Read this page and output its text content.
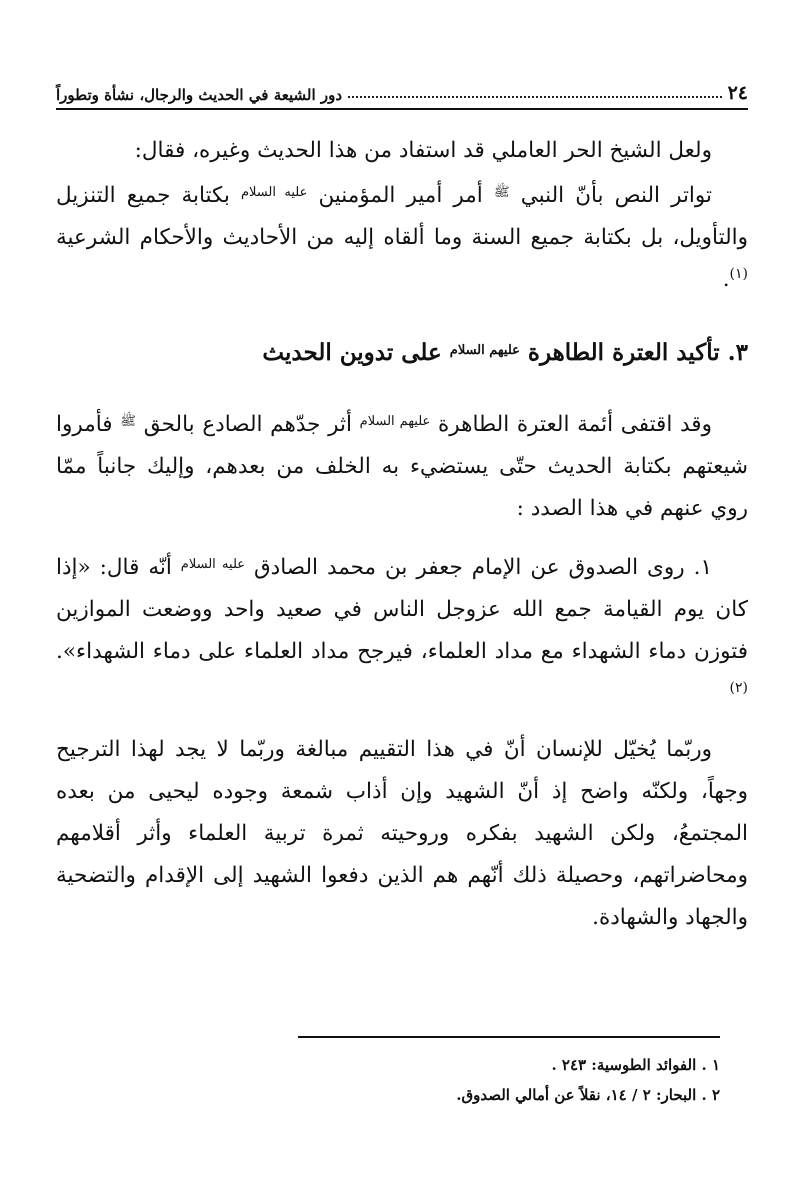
دور الشيعة في الحديث والرجال، نشأة وتطوراً	٢٤

ولعل الشيخ الحر العاملي قد استفاد من هذا الحديث وغيره، فقال:

تواتر النص بأنّ النبي $^ﷺ$ أمر أمير المؤمنين $^{عليه السلام}$ بكتابة جميع التنزيل والتأويل، بل بكتابة جميع السنة وما ألقاه إليه من الأحاديث والأحكام الشرعية $^{(١)}$.

٣. تأكيد العترة الطاهرة $^{عليهم السلام}$ على تدوين الحديث

وقد اقتفى أئمة العترة الطاهرة $^{عليهم السلام}$ أثر جدّهم الصادع بالحق $^ﷺ$ فأمروا شيعتهم بكتابة الحديث حتّى يستضيء به الخلف من بعدهم، وإليك جانباً ممّا روي عنهم في هذا الصدد :

١. روى الصدوق عن الإمام جعفر بن محمد الصادق $^{عليه السلام}$ أنّه قال: «إذا كان يوم القيامة جمع الله عزوجل الناس في صعيد واحد ووضعت الموازين فتوزن دماء الشهداء مع مداد العلماء، فيرجح مداد العلماء على دماء الشهداء». $^{(٢)}$

وربّما يُخيّل للإنسان أنّ في هذا التقييم مبالغة وربّما لا يجد لهذا الترجيح وجهاً، ولكنّه واضح إذ أنّ الشهيد وإن أذاب شمعة وجوده ليحيى من بعده المجتمعُ، ولكن الشهيد بفكره وروحيته ثمرة تربية العلماء وأثر أقلامهم ومحاضراتهم، وحصيلة ذلك أنّهم هم الذين دفعوا الشهيد إلى الإقدام والتضحية والجهاد والشهادة.

١ . الفوائد الطوسية: ٢٤٣ .

٢ . البحار: ٢ / ١٤، نقلاً عن أمالي الصدوق.
